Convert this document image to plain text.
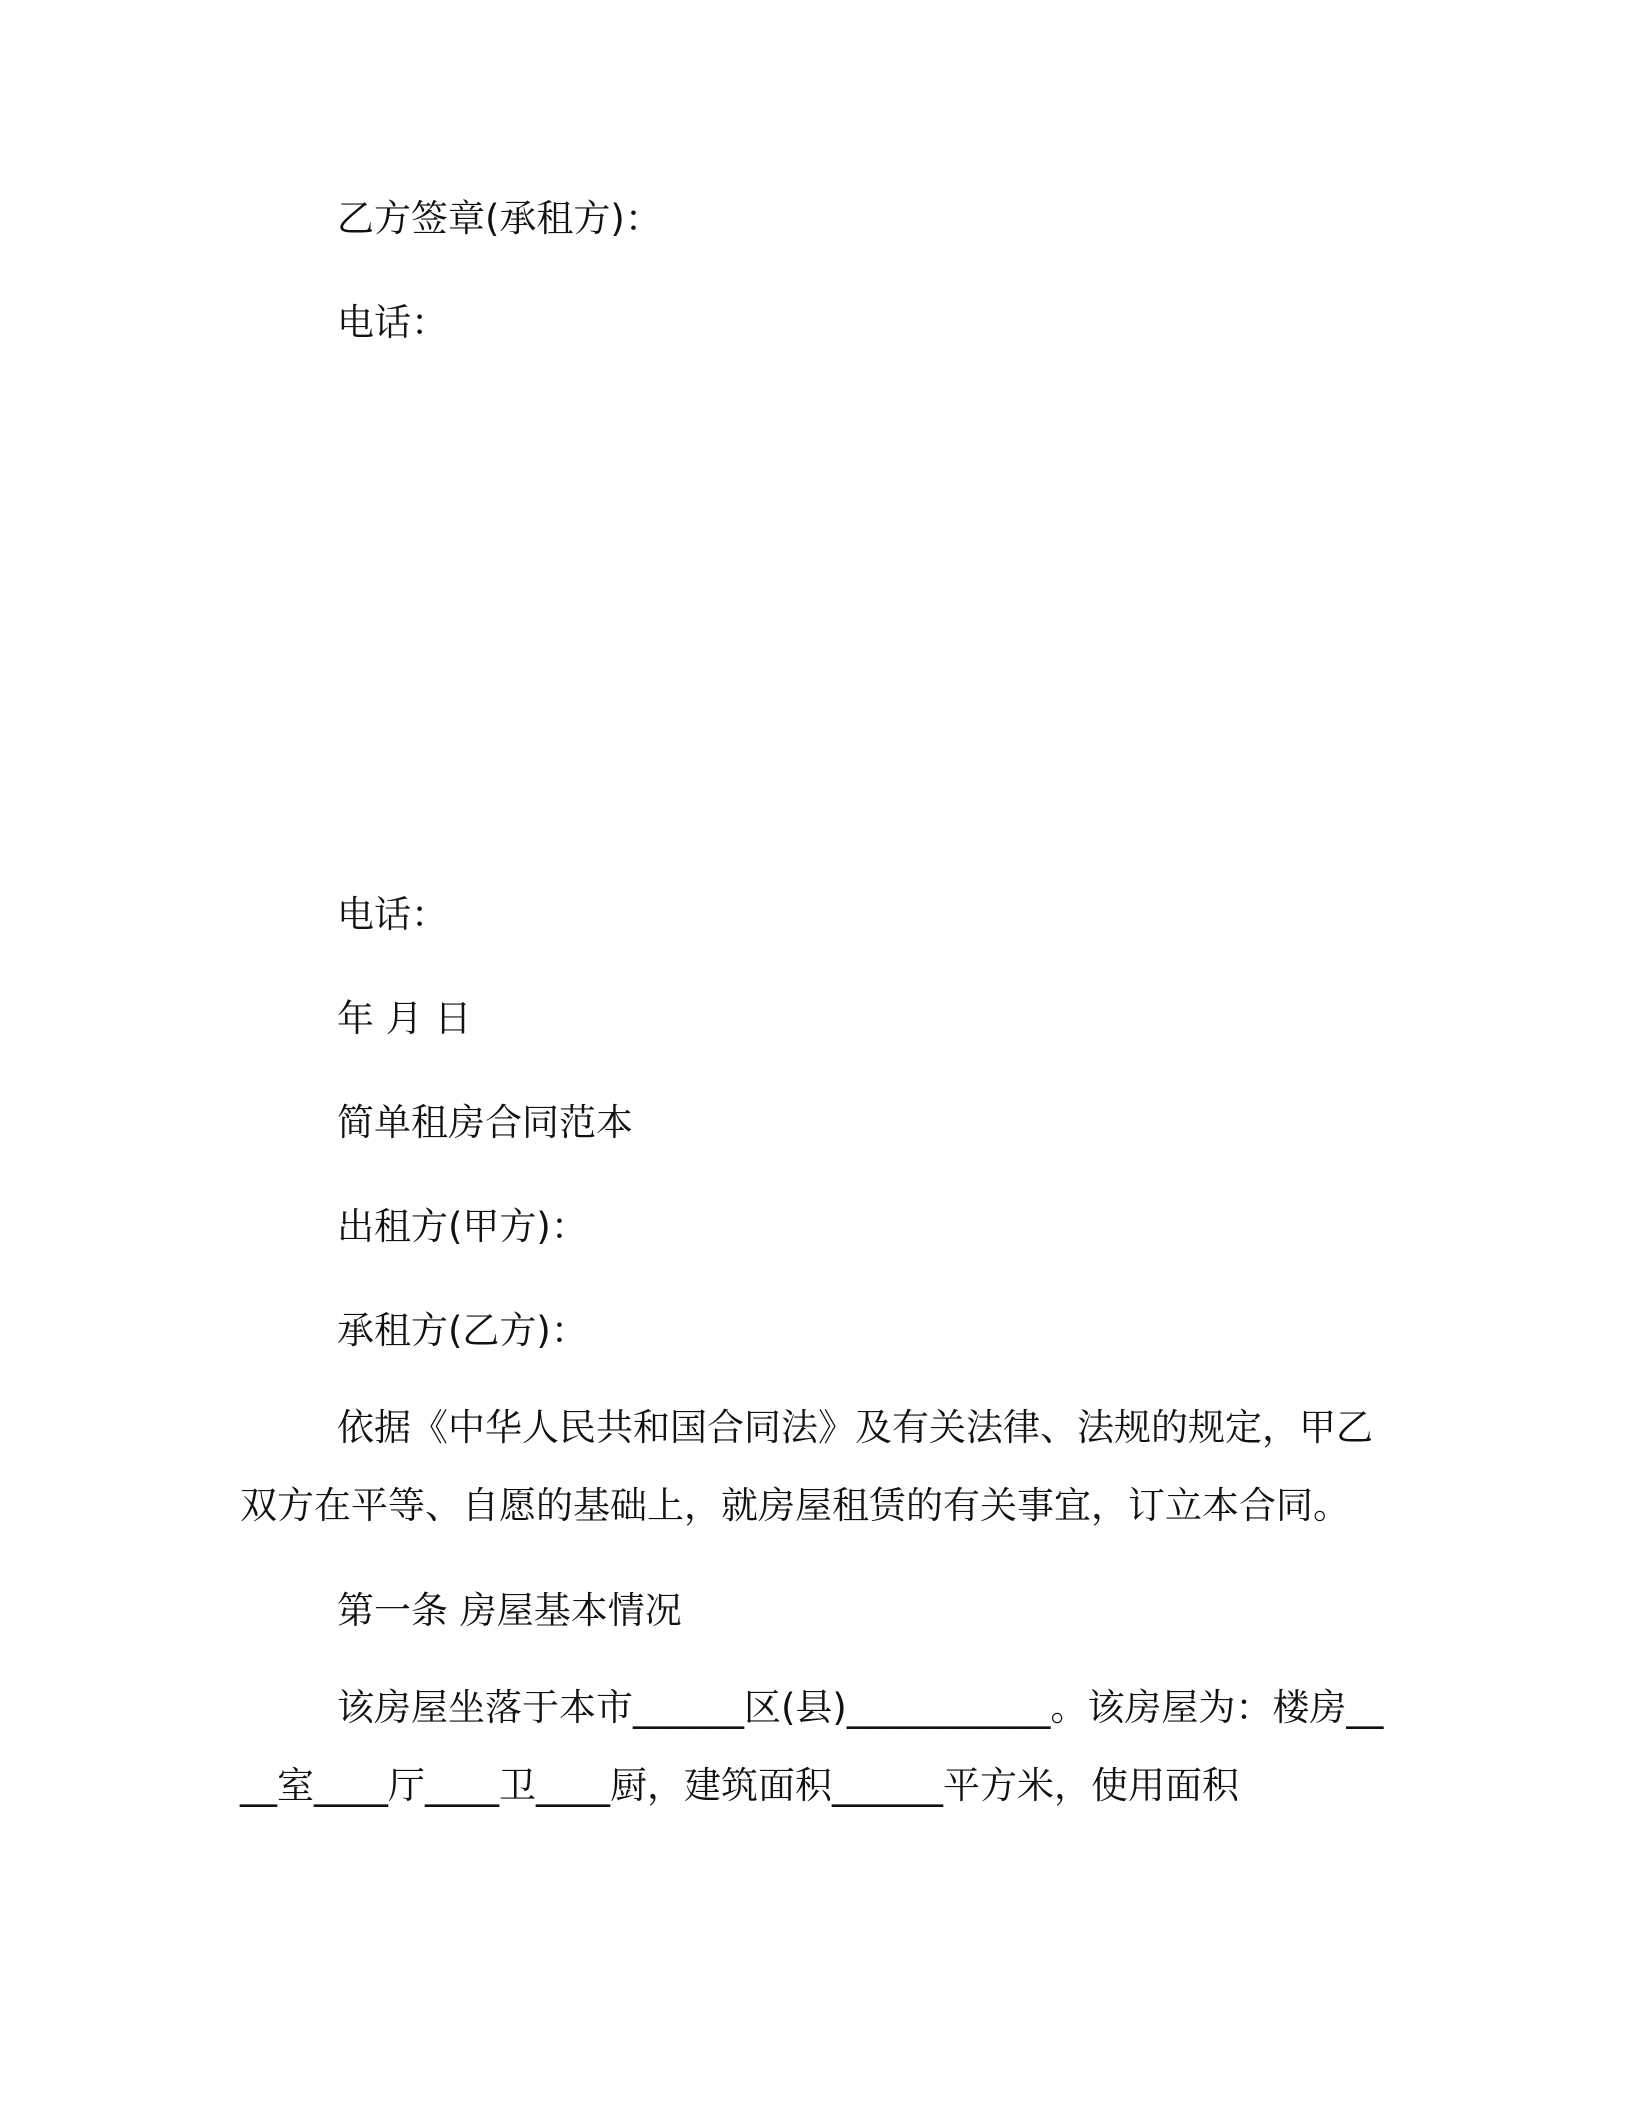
乙方签章(承租方)：
电话：
电话：
年 月 日
简单租房合同范本
出租方(甲方)：
承租方(乙方)：
依据《中华人民共和国合同法》及有关法律、法规的规定，甲乙双方在平等、自愿的基础上，就房屋租赁的有关事宜，订立本合同。
第一条 房屋基本情况
该房屋坐落于本市______区(县)___________。该房屋为：楼房____室____厅____卫____厨，建筑面积______平方米，使用面积
